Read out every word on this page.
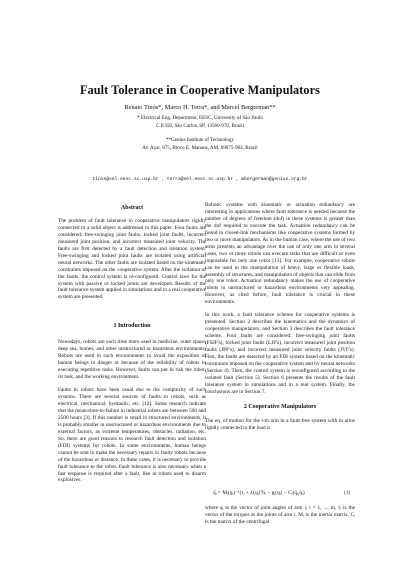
Fault Tolerance in Cooperative Manipulators
Renato Tinós*, Marco H. Terra*, and Marcel Bergerman**
* Electrical Eng. Department, EESC, University of São Paulo
C.P.359, São Carlos, SP, 13560-970, Brazil
**Genius Institute of Technology
Av. Açaí, 875, Bloco E, Manaus, AM, 69075-904, Brazil
tinos@sel.eesc.sc.usp.br , terra@sel.eesc.sc.usp.br , mbergerman@genius.org.br

Abstract

The problem of fault tolerance in cooperative manipulators rigidly connected to a solid object is addressed in this paper. Four faults are considered: free-swinging joint faults, locked joint faults, incorrect measured joint position, and incorrect measured joint velocity. The faults are first detected by a fault detection and isolation system. Free-swinging and locked joint faults are isolated using artificial neural networks. The other faults are isolated based on the kinematic constraints imposed on the cooperative system. After the isolation of the faults, the control system is re-configured. Control laws for the system with passive or locked joints are developed. Results of the fault tolerance system applied in simulations and in a real cooperative system are presented.

1 Introduction

Nowadays, robots are each time more used in medicine, outer space, deep sea, homes, and other unstructured or hazardous environments. Robots are used in such environments to avoid the exposition of human beings to danger or because of the reliability of robots in executing repetitive tasks. However, faults can put in risk the robot, its task, and the working environment.

Faults in robots have been usual due to the complexity of such systems. There are several sources of faults in robots, such as electrical, mechanical, hydraulic, etc. [12]. Some research indicate that the mean-time-to-failure in industrial robots are between 500 and 2500 hours [3]. If this number is small in structured environments, it is probably smaller in unstructured or hazardous environments due to external factors, as extreme temperatures, obstacles, radiation, etc. So, there are good reasons to research fault detection and isolation (FDI) systems for robots. In some environments, human beings cannot be sent to make the necessary repairs in faulty robots because of the hazardous or distance. In these cases, it is necessary to provide fault tolerance to the robot. Fault tolerance is also necessary when a fast response is required after a fault, like in robots used to disarm explosives.

Robotic systems with kinematic or actuation redundancy are interesting in applications where fault tolerance is needed because the number of degrees of freedom (dof) in these systems is greater than the dof required to execute the task. Actuation redundancy can be found in closed-link mechanisms like cooperative systems formed by two or more manipulators. As in the human case, where the use of two arms presents an advantage over the use of only one arm in several cases, two or more robots can execute tasks that are difficult or even impossible for only one robot [13]. For example, cooperative robots can be used in the manipulation of heavy, large or flexible loads, assembly of structures, and manipulation of objects that can slide from only one robot. Actuation redundancy makes the use of cooperative robots in unstructured or hazardous environments very appealing. However, as cited before, fault tolerance is crucial in these environments.

In this work, a fault tolerance scheme for cooperative systems is presented. Section 2 describes the kinematics and the dynamics of cooperative manipulators, and Section 3 describes the fault tolerance scheme. Four faults are considered: free-swinging joint faults (FSJF's), locked joint faults (LJF's), incorrect measured joint position faults (JPF's), and incorrect measured joint velocity faults (JVF's). First, the faults are detected by an FDI system based on the kinematic constraints imposed on the cooperative system and by neural networks (Section 4). Then, the control system is reconfigured according to the isolated fault (Section 5). Section 6 presents the results of the fault tolerance system in simulations and in a real system. Finally, the conclusions are in Section 7.

2 Cooperative Manipulators

The eq. of motion for the i-th arm in a fault-free system with m arms rigidly connected to the load is

q̈ᵢ = Mᵢ(qᵢ)⁻¹(τᵢ + Jᵢ(qᵢ)ᵀhᵢ − gᵢ(qᵢ) − Cᵢ(qᵢ,q̇ᵢ)	(1)

where qᵢ is the vector of joint angles of arm i, i = 1, ..., m, τᵢ is the vector of the torques at the joints of arm i, Mᵢ is the inertia matrix, Cᵢ is the matrix of the centrifugal
